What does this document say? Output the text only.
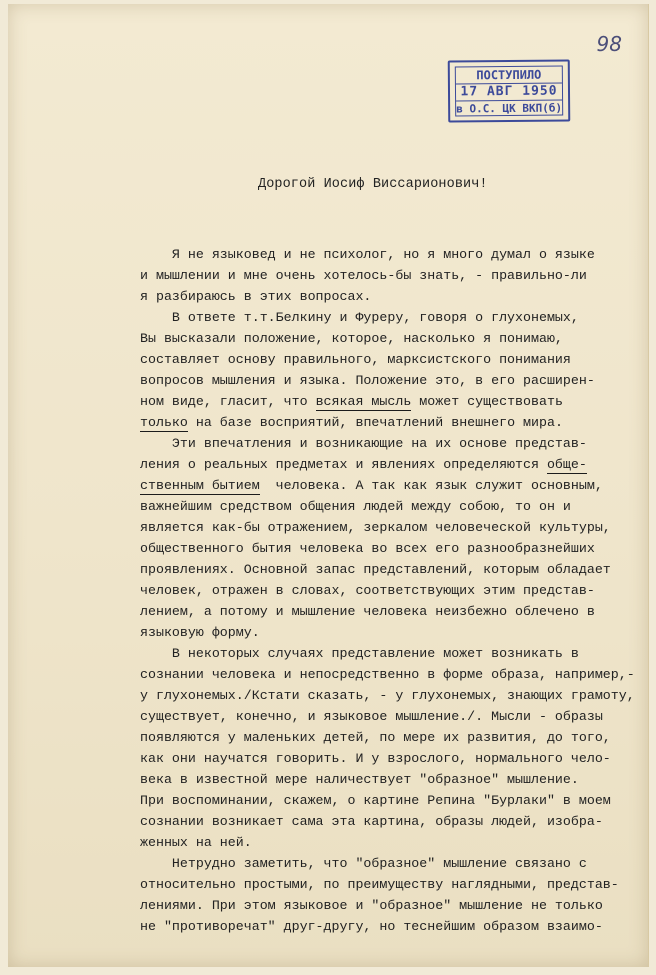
98
ПОСТУПИЛО
17 АВГ 1950
в О.С. ЦК ВКП(б)
Дорогой Иосиф Виссарионович!

Я не языковед и не психолог, но я много думал о языке

и мышлении и мне очень хотелось-бы знать, - правильно-ли

я разбираюсь в этих вопросах.

В ответе т.т.Белкину и Фуреру, говоря о глухонемых,

Вы высказали положение, которое, насколько я понимаю,

составляет основу правильного, марксистского понимания

вопросов мышления и языка. Положение это, в его расширен-

ном виде, гласит, что всякая мысль может существовать

только на базе восприятий, впечатлений внешнего мира.

Эти впечатления и возникающие на их основе представ-

ления о реальных предметах и явлениях определяются обще-

ственным бытием  человека. А так как язык служит основным,

важнейшим средством общения людей между собою, то он и

является как-бы отражением, зеркалом человеческой культуры,

общественного бытия человека во всех его разнообразнейших

проявлениях. Основной запас представлений, которым обладает

человек, отражен в словах, соответствующих этим представ-

лением, а потому и мышление человека неизбежно облечено в

языковую форму.

В некоторых случаях представление может возникать в

сознании человека и непосредственно в форме образа, например,-

у глухонемых./Кстати сказать, - у глухонемых, знающих грамоту,

существует, конечно, и языковое мышление./. Мысли - образы

появляются у маленьких детей, по мере их развития, до того,

как они научатся говорить. И у взрослого, нормального чело-

века в известной мере наличествует "образное" мышление.

При воспоминании, скажем, о картине Репина "Бурлаки" в моем

сознании возникает сама эта картина, образы людей, изобра-

женных на ней.

Нетрудно заметить, что "образное" мышление связано с

относительно простыми, по преимуществу наглядными, представ-

лениями. При этом языковое и "образное" мышление не только

не "противоречат" друг-другу, но теснейшим образом взаимо-
